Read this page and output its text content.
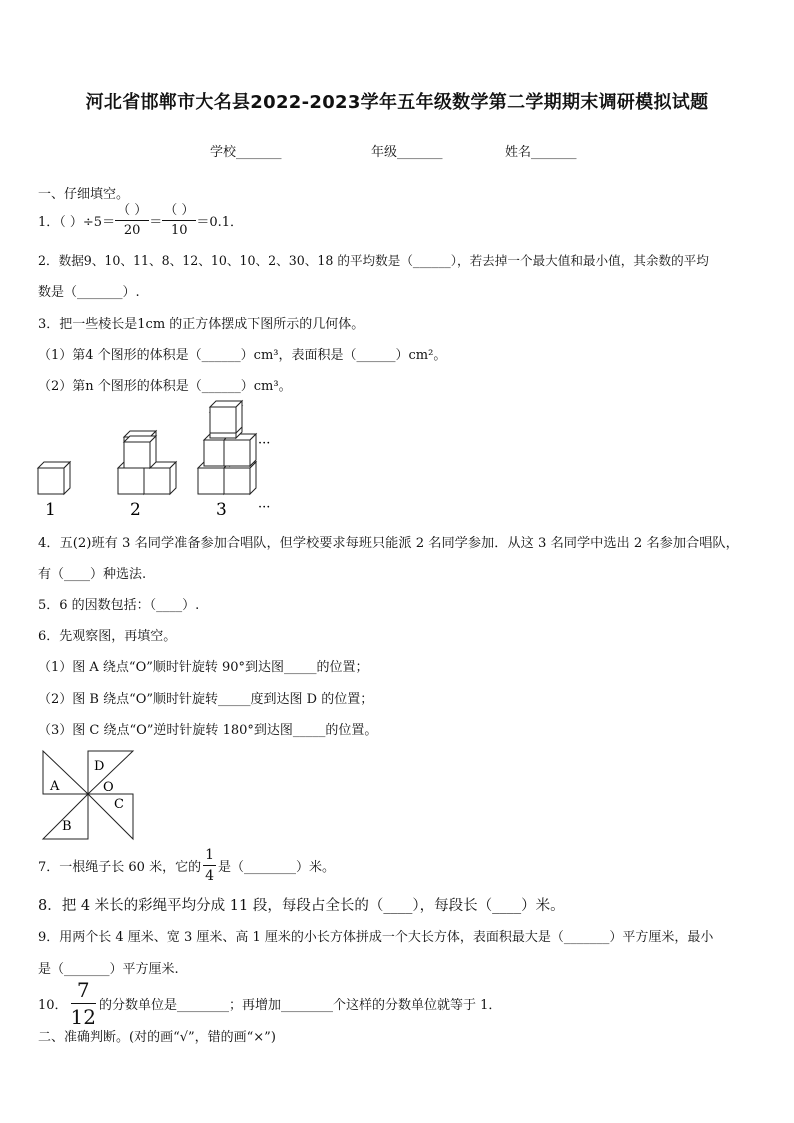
河北省邯郸市大名县2022-2023学年五年级数学第二学期期末调研模拟试题
学校_______	年级_______	姓名_______
一、仔细填空。
1．（ ）$\div 5= \frac{( )}{20} = \frac{( )}{10} =0.1$．
2．数据9、10、11、8、12、10、10、2、30、18 的平均数是（______），若去掉一个最大值和最小值，其余数的平均
数是（_______）.
3．把一些棱长是1cm 的正方体摆成下图所示的几何体。
（1）第4 个图形的体积是（______）cm³，表面积是（______）cm²。
（2）第n 个图形的体积是（______）cm³。
1	2	3
···
···
4．五(2)班有 3 名同学准备参加合唱队，但学校要求每班只能派 2 名同学参加．从这 3 名同学中选出 2 名参加合唱队，
有（____）种选法.
5．6 的因数包括：（____）.
6．先观察图，再填空。
（1）图 A 绕点“O”顺时针旋转 90°到达图_____的位置；
（2）图 B 绕点“O”顺时针旋转_____度到达图 D 的位置；
（3）图 C 绕点“O”逆时针旋转 180°到达图_____的位置。
A
B
C
D
O
7．一根绳子长 60 米，它的 $\frac{1}{4}$ 是（________）米。
8．把 4 米长的彩绳平均分成 11 段，每段占全长的（____），每段长（____）米。
9．用两个长 4 厘米、宽 3 厘米、高 1 厘米的小长方体拼成一个大长方体，表面积最大是（_______）平方厘米，最小
是（_______）平方厘米.
10． $\frac{7}{12}$ 的分数单位是________；再增加________个这样的分数单位就等于 1．
二、准确判断。(对的画“√”，错的画“×”)
